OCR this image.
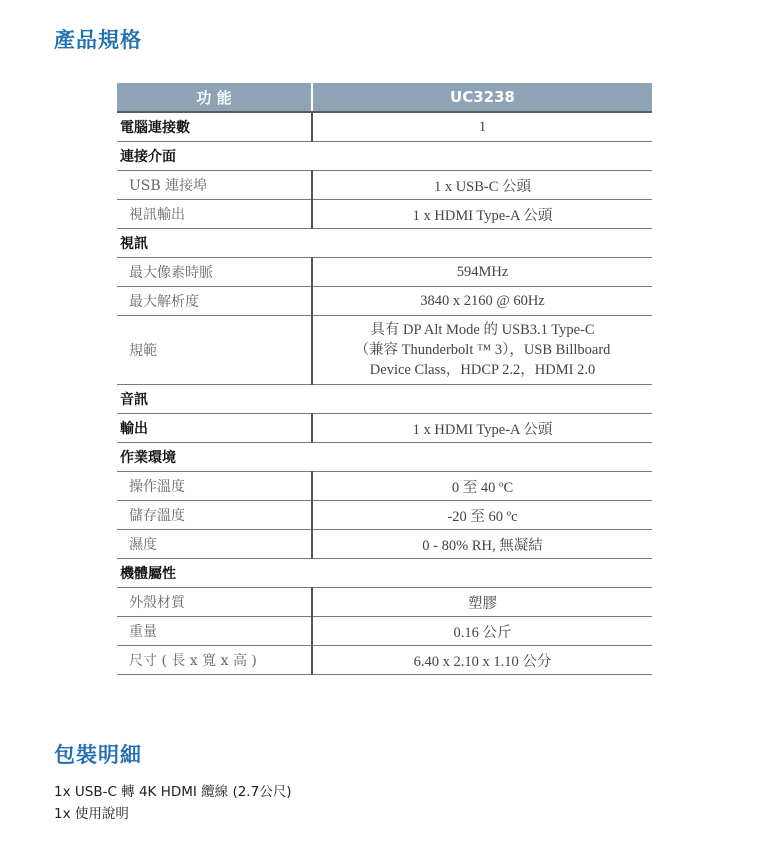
產品規格
功 能	UC3238
電腦連接數	1
連接介面	
USB 連接埠	1 x USB-C 公頭
視訊輸出	1 x HDMI Type-A 公頭
視訊	
最大像素時脈	594MHz
最大解析度	3840 x 2160 @ 60Hz
規範	具有 DP Alt Mode 的 USB3.1 Type-C
（兼容 Thunderbolt ™ 3），USB Billboard
Device Class，HDCP 2.2，HDMI 2.0

音訊	
輸出	1 x HDMI Type-A 公頭
作業環境	
操作溫度	0 至 40 ºC
儲存溫度	-20 至 60 ºc
濕度	0 - 80% RH, 無凝結
機體屬性	
外殼材質	塑膠
重量	0.16 公斤
尺寸 ( 長 x 寬 x 高 )	6.40 x 2.10 x 1.10 公分
包裝明細
1x USB-C 轉 4K HDMI 纜線 (2.7公尺)
1x 使用說明
